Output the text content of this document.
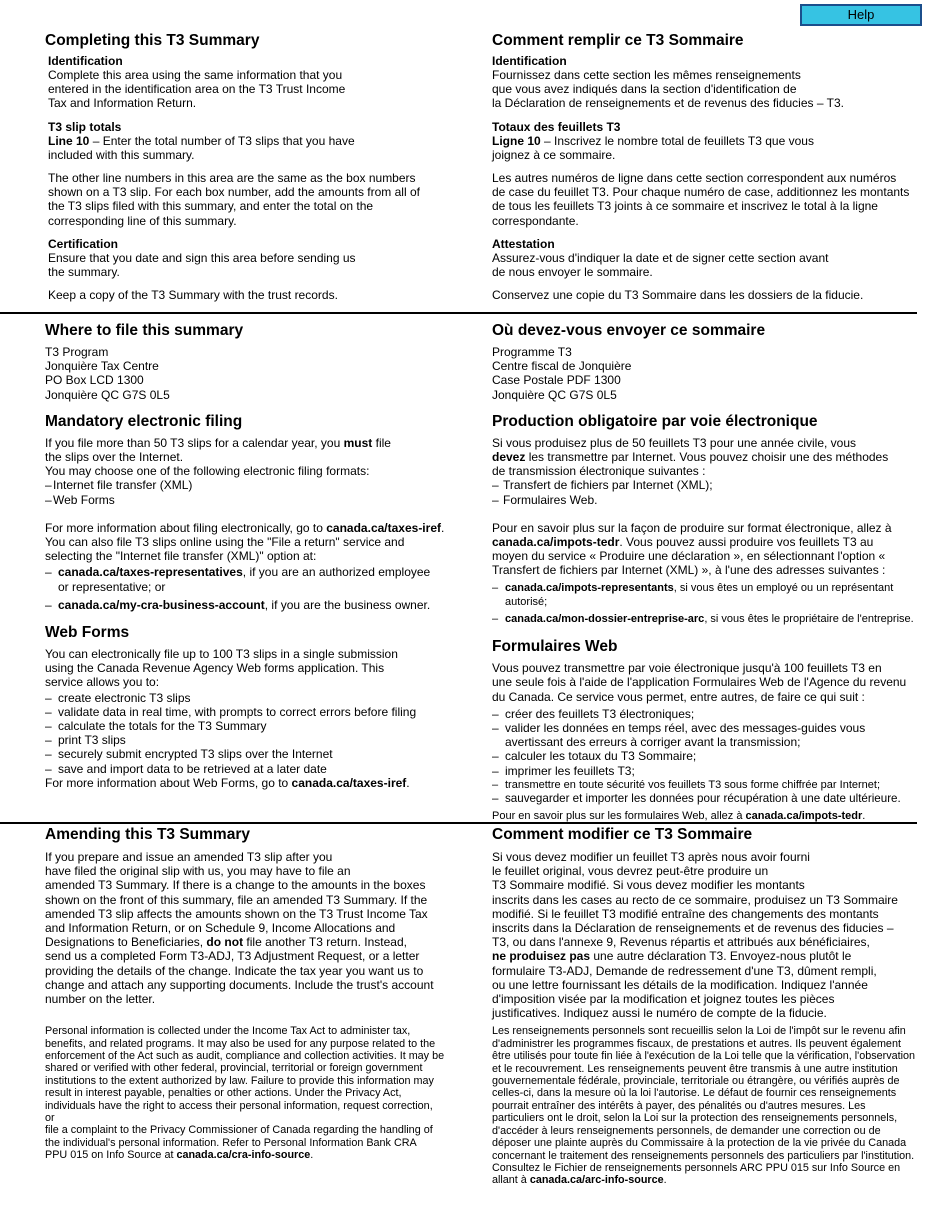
Help
Completing this T3 Summary
Identification
Complete this area using the same information that you
entered in the identification area on the T3 Trust Income
Tax and Information Return.
T3 slip totals
Line 10 – Enter the total number of T3 slips that you have
included with this summary.
The other line numbers in this area are the same as the box numbers
shown on a T3 slip. For each box number, add the amounts from all of
the T3 slips filed with this summary, and enter the total on the
corresponding line of this summary.
Certification
Ensure that you date and sign this area before sending us
the summary.
Keep a copy of the T3 Summary with the trust records.
Comment remplir ce T3 Sommaire
Identification
Fournissez dans cette section les mêmes renseignements
que vous avez indiqués dans la section d'identification de
la Déclaration de renseignements et de revenus des fiducies – T3.
Totaux des feuillets T3
Ligne 10 – Inscrivez le nombre total de feuillets T3 que vous
joignez à ce sommaire.
Les autres numéros de ligne dans cette section correspondent aux numéros
de case du feuillet T3. Pour chaque numéro de case, additionnez les montants
de tous les feuillets T3 joints à ce sommaire et inscrivez le total à la ligne
correspondante.
Attestation
Assurez-vous d'indiquer la date et de signer cette section avant
de nous envoyer le sommaire.
Conservez une copie du T3 Sommaire dans les dossiers de la fiducie.
Where to file this summary
T3 Program
Jonquière Tax Centre
PO Box LCD 1300
Jonquière QC G7S 0L5
Mandatory electronic filing
If you file more than 50 T3 slips for a calendar year, you must file
the slips over the Internet.
You may choose one of the following electronic filing formats:
– Internet file transfer (XML)
– Web Forms
For more information about filing electronically, go to canada.ca/taxes-iref.
You can also file T3 slips online using the "File a return" service and
selecting the "Internet file transfer (XML)" option at:
– canada.ca/taxes-representatives, if you are an authorized employee
or representative; or
– canada.ca/my-cra-business-account, if you are the business owner.
Web Forms
You can electronically file up to 100 T3 slips in a single submission
using the Canada Revenue Agency Web forms application. This
service allows you to:
– create electronic T3 slips
– validate data in real time, with prompts to correct errors before filing
– calculate the totals for the T3 Summary
– print T3 slips
– securely submit encrypted T3 slips over the Internet
– save and import data to be retrieved at a later date
For more information about Web Forms, go to canada.ca/taxes-iref.
Où devez-vous envoyer ce sommaire
Programme T3
Centre fiscal de Jonquière
Case Postale PDF 1300
Jonquière QC G7S 0L5
Production obligatoire par voie électronique
Si vous produisez plus de 50 feuillets T3 pour une année civile, vous
devez les transmettre par Internet. Vous pouvez choisir une des méthodes
de transmission électronique suivantes :
– Transfert de fichiers par Internet (XML);
– Formulaires Web.
Pour en savoir plus sur la façon de produire sur format électronique, allez à
canada.ca/impots-tedr. Vous pouvez aussi produire vos feuillets T3 au
moyen du service « Produire une déclaration », en sélectionnant l'option «
Transfert de fichiers par Internet (XML) », à l'une des adresses suivantes :
– canada.ca/impots-representants, si vous êtes un employé ou un représentant autorisé;
– canada.ca/mon-dossier-entreprise-arc, si vous êtes le propriétaire de l'entreprise.
Formulaires Web
Vous pouvez transmettre par voie électronique jusqu'à 100 feuillets T3 en
une seule fois à l'aide de l'application Formulaires Web de l'Agence du revenu
du Canada. Ce service vous permet, entre autres, de faire ce qui suit :
– créer des feuillets T3 électroniques;
– valider les données en temps réel, avec des messages-guides vous
avertissant des erreurs à corriger avant la transmission;
– calculer les totaux du T3 Sommaire;
– imprimer les feuillets T3;
– transmettre en toute sécurité vos feuillets T3 sous forme chiffrée par Internet;
– sauvegarder et importer les données pour récupération à une date ultérieure.
Pour en savoir plus sur les formulaires Web, allez à canada.ca/impots-tedr.
Amending this T3 Summary
If you prepare and issue an amended T3 slip after you
have filed the original slip with us, you may have to file an
amended T3 Summary. If there is a change to the amounts in the boxes
shown on the front of this summary, file an amended T3 Summary. If the
amended T3 slip affects the amounts shown on the T3 Trust Income Tax
and Information Return, or on Schedule 9, Income Allocations and
Designations to Beneficiaries, do not file another T3 return. Instead,
send us a completed Form T3-ADJ, T3 Adjustment Request, or a letter
providing the details of the change. Indicate the tax year you want us to
change and attach any supporting documents. Include the trust's account
number on the letter.
Personal information is collected under the Income Tax Act to administer tax,
benefits, and related programs. It may also be used for any purpose related to the
enforcement of the Act such as audit, compliance and collection activities. It may be
shared or verified with other federal, provincial, territorial or foreign government
institutions to the extent authorized by law. Failure to provide this information may
result in interest payable, penalties or other actions. Under the Privacy Act,
individuals have the right to access their personal information, request correction, or
file a complaint to the Privacy Commissioner of Canada regarding the handling of
the individual's personal information. Refer to Personal Information Bank CRA
PPU 015 on Info Source at canada.ca/cra-info-source.
Comment modifier ce T3 Sommaire
Si vous devez modifier un feuillet T3 après nous avoir fourni
le feuillet original, vous devrez peut-être produire un
T3 Sommaire modifié. Si vous devez modifier les montants
inscrits dans les cases au recto de ce sommaire, produisez un T3 Sommaire
modifié. Si le feuillet T3 modifié entraîne des changements des montants
inscrits dans la Déclaration de renseignements et de revenus des fiducies –
T3, ou dans l'annexe 9, Revenus répartis et attribués aux bénéficiaires,
ne produisez pas une autre déclaration T3. Envoyez-nous plutôt le
formulaire T3-ADJ, Demande de redressement d'une T3, dûment rempli,
ou une lettre fournissant les détails de la modification. Indiquez l'année
d'imposition visée par la modification et joignez toutes les pièces
justificatives. Indiquez aussi le numéro de compte de la fiducie.
Les renseignements personnels sont recueillis selon la Loi de l'impôt sur le revenu afin
d'administrer les programmes fiscaux, de prestations et autres. Ils peuvent également
être utilisés pour toute fin liée à l'exécution de la Loi telle que la vérification, l'observation
et le recouvrement. Les renseignements peuvent être transmis à une autre institution
gouvernementale fédérale, provinciale, territoriale ou étrangère, ou vérifiés auprès de
celles-ci, dans la mesure où la loi l'autorise. Le défaut de fournir ces renseignements
pourrait entraîner des intérêts à payer, des pénalités ou d'autres mesures. Les
particuliers ont le droit, selon la Loi sur la protection des renseignements personnels,
d'accéder à leurs renseignements personnels, de demander une correction ou de
déposer une plainte auprès du Commissaire à la protection de la vie privée du Canada
concernant le traitement des renseignements personnels des particuliers par l'institution.
Consultez le Fichier de renseignements personnels ARC PPU 015 sur Info Source en
allant à canada.ca/arc-info-source.
